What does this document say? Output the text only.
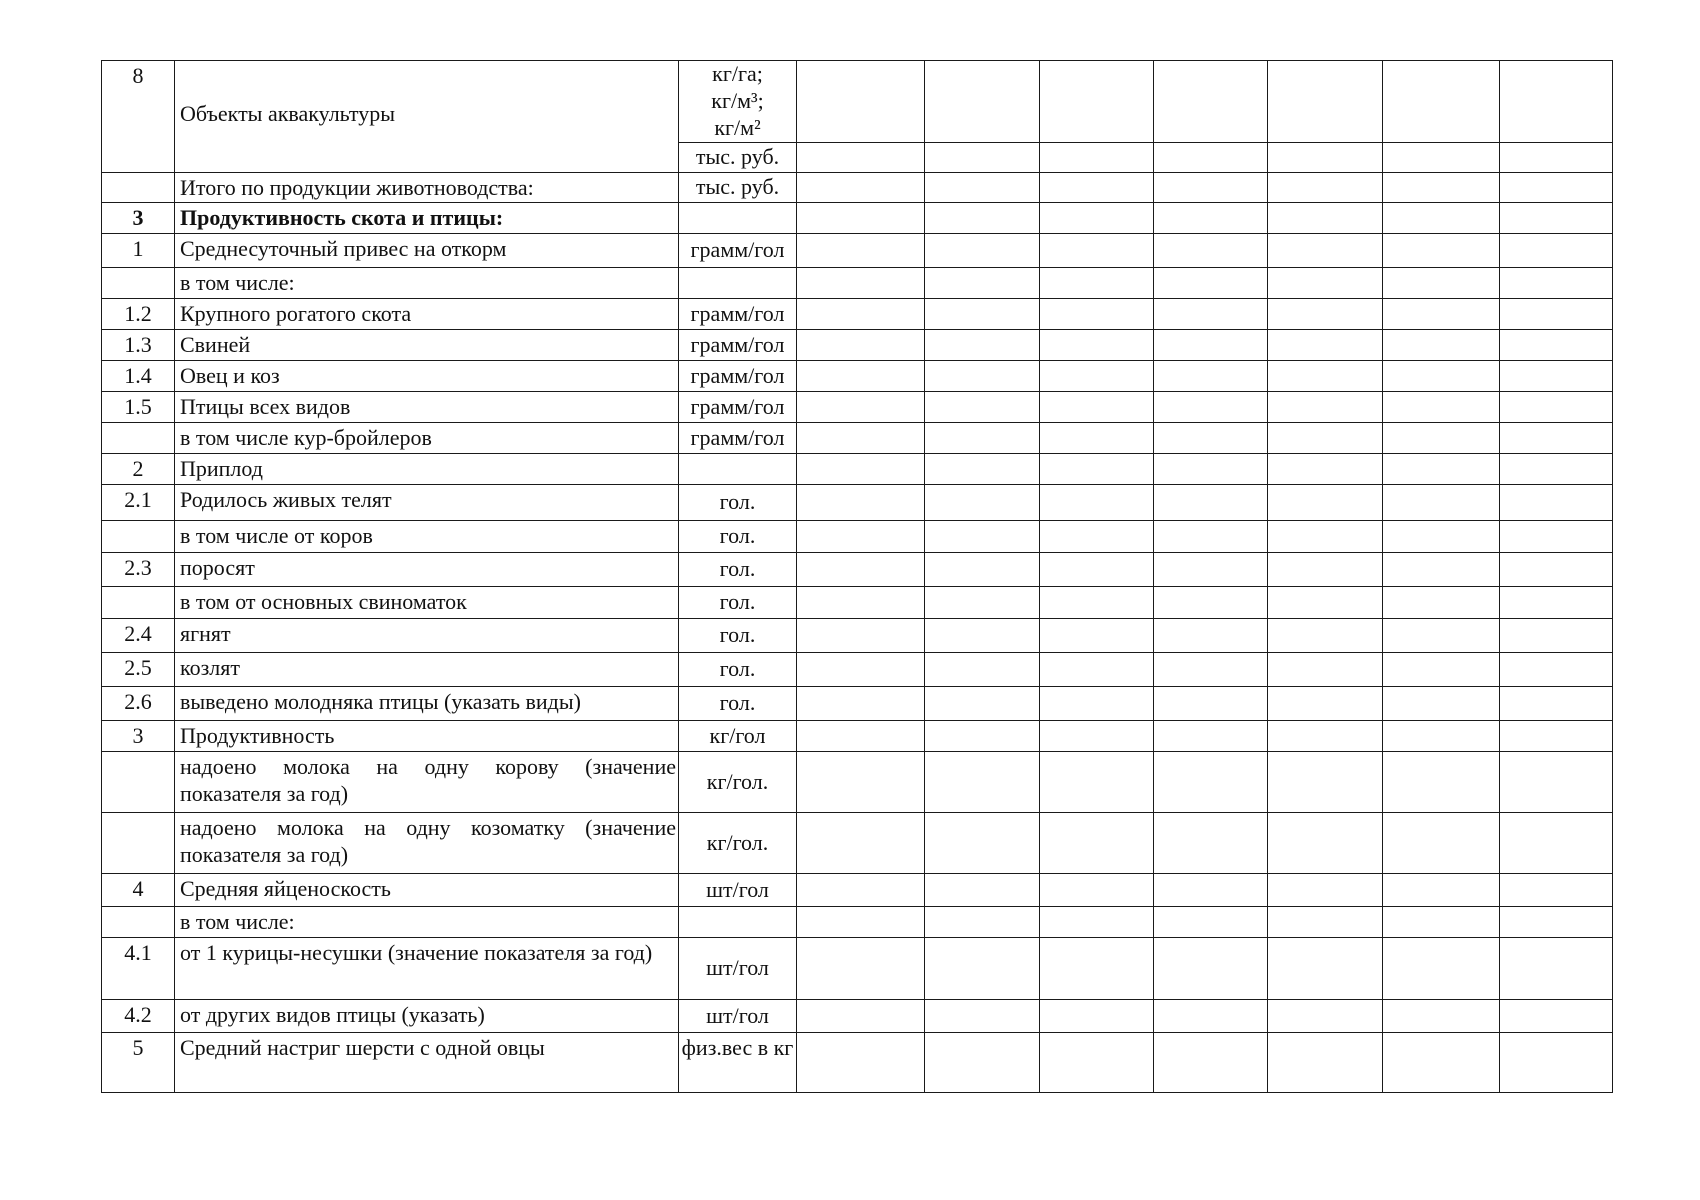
8	Объекты аквакультуры	кг/га;
кг/м³;
кг/м²							

		тыс. руб.							
	Итого по продукции животноводства:	тыс. руб.							
3	Продуктивность скота и птицы:								
1	Среднесуточный привес на откорм	грамм/гол							
	в том числе:								
1.2	Крупного рогатого скота	грамм/гол							
1.3	Свиней	грамм/гол							
1.4	Овец и коз	грамм/гол							
1.5	Птицы всех видов	грамм/гол							
	в том числе кур-бройлеров	грамм/гол							
2	Приплод								
2.1	Родилось живых телят	гол.							
	в том числе от коров	гол.							
2.3	поросят	гол.							
	в том от основных свиноматок	гол.							
2.4	ягнят	гол.							
2.5	козлят	гол.							
2.6	выведено молодняка птицы (указать виды)	гол.							
3	Продуктивность	кг/гол							
	надоено молока на одну корову (значение показателя за год)	кг/гол.							
	надоено молока на одну козоматку (значение показателя за год)	кг/гол.							
4	Средняя яйценоскость	шт/гол							
	в том числе:								
4.1	от 1 курицы-несушки (значение показателя за год)	шт/гол							
4.2	от других видов птицы (указать)	шт/гол							
5	Средний настриг шерсти с одной овцы	физ.вес в кг							
